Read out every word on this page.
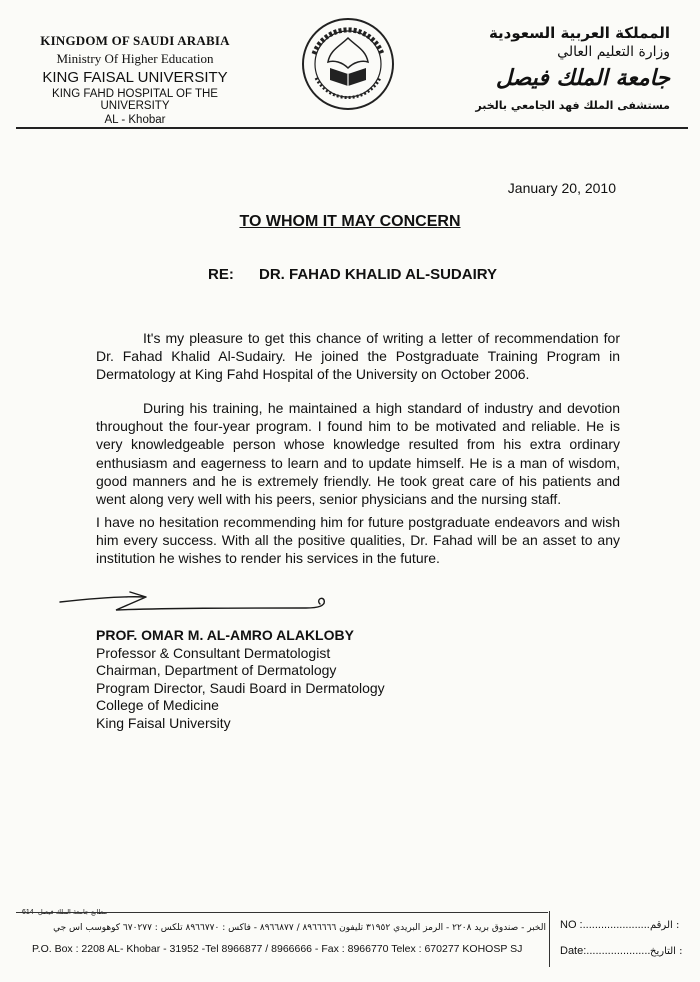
KINGDOM OF SAUDI ARABIA
Ministry Of Higher Education
KING FAISAL UNIVERSITY
KING FAHD HOSPITAL OF THE UNIVERSITY
AL - Khobar
المملكة العربية السعودية
وزارة التعليم العالي
جامعة الملك فيصل
مستشفى الملك فهد الجامعي بالخبر
January 20, 2010
TO WHOM IT MAY CONCERN
RE: DR. FAHAD KHALID AL-SUDAIRY
It's my pleasure to get this chance of writing a letter of recommendation for Dr. Fahad Khalid Al-Sudairy. He joined the Postgraduate Training Program in Dermatology at King Fahd Hospital of the University on October 2006.
During his training, he maintained a high standard of industry and devotion throughout the four-year program. I found him to be motivated and reliable. He is very knowledgeable person whose knowledge resulted from his extra ordinary enthusiasm and eagerness to learn and to update himself. He is a man of wisdom, good manners and he is extremely friendly. He took great care of his patients and went along very well with his peers, senior physicians and the nursing staff.
I have no hesitation recommending him for future postgraduate endeavors and wish him every success. With all the positive qualities, Dr. Fahad will be an asset to any institution he wishes to render his services in the future.
PROF. OMAR M. AL-AMRO ALAKLOBY
Professor & Consultant Dermatologist
Chairman, Department of Dermatology
Program Director, Saudi Board in Dermatology
College of Medicine
King Faisal University
614 مطابع جامعة الملك فيصل
الخبر - صندوق بريد ٢٢٠٨ - الرمز البريدي ٣١٩٥٢ تليفون ٨٩٦٦٦٦٦ / ٨٩٦٦٨٧٧ - فاكس : ٨٩٦٦٧٧٠ تلكس : ٦٧٠٢٧٧ كوهوسب اس جي
P.O. Box : 2208 AL- Khobar - 31952 -Tel 8966877 / 8966666 - Fax : 8966770 Telex : 670277 KOHOSP SJ
NO :......................
Date:.....................
الرقم :
التاريخ :
